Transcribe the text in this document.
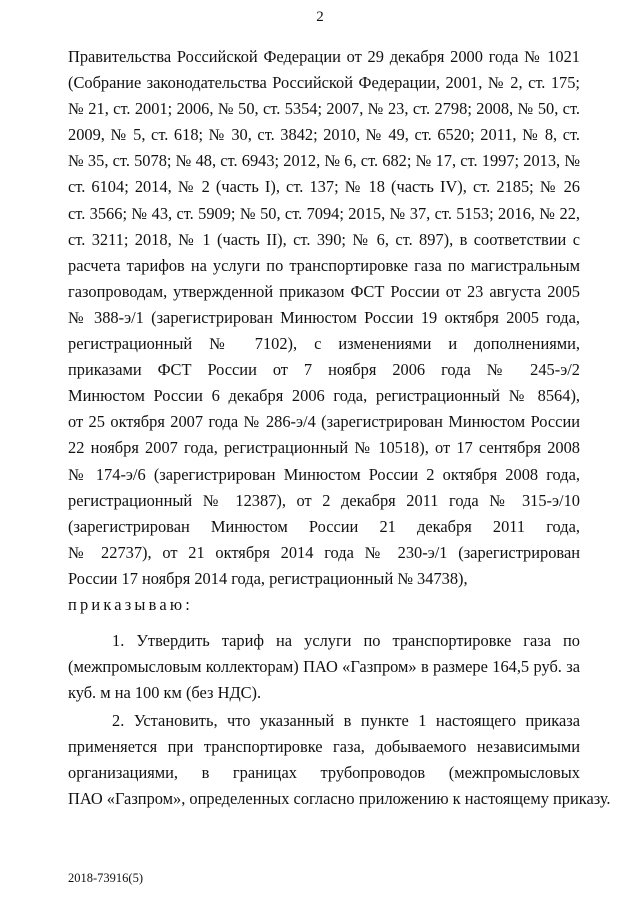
2
Правительства Российской Федерации от 29 декабря 2000 года № 1021
(Собрание законодательства Российской Федерации, 2001, № 2, ст. 175;
№ 21, ст. 2001; 2006, № 50, ст. 5354; 2007, № 23, ст. 2798; 2008, № 50, ст.
2009, № 5, ст. 618; № 30, ст. 3842; 2010, № 49, ст. 6520; 2011, № 8, ст.
№ 35, ст. 5078; № 48, ст. 6943; 2012, № 6, ст. 682; № 17, ст. 1997; 2013, №
ст. 6104; 2014, № 2 (часть I), ст. 137; № 18 (часть IV), ст. 2185; № 26
ст. 3566; № 43, ст. 5909; № 50, ст. 7094; 2015, № 37, ст. 5153; 2016, № 22,
ст. 3211; 2018, № 1 (часть II), ст. 390; № 6, ст. 897), в соответствии с
расчета тарифов на услуги по транспортировке газа по магистральным
газопроводам, утвержденной приказом ФСТ России от 23 августа 2005
№ 388-э/1 (зарегистрирован Минюстом России 19 октября 2005 года,
регистрационный № 7102), с изменениями и дополнениями,
приказами ФСТ России от 7 ноября 2006 года № 245-э/2
Минюстом России 6 декабря 2006 года, регистрационный № 8564),
от 25 октября 2007 года № 286-э/4 (зарегистрирован Минюстом России
22 ноября 2007 года, регистрационный № 10518), от 17 сентября 2008
№ 174-э/6 (зарегистрирован Минюстом России 2 октября 2008 года,
регистрационный № 12387), от 2 декабря 2011 года № 315-э/10
(зарегистрирован Минюстом России 21 декабря 2011 года,
№ 22737), от 21 октября 2014 года № 230-э/1 (зарегистрирован
России 17 ноября 2014 года, регистрационный № 34738),
приказываю:
1. Утвердить тариф на услуги по транспортировке газа по
(межпромысловым коллекторам) ПАО «Газпром» в размере 164,5 руб. за
куб. м на 100 км (без НДС).
2. Установить, что указанный в пункте 1 настоящего приказа
применяется при транспортировке газа, добываемого независимыми
организациями, в границах трубопроводов (межпромысловых
ПАО «Газпром», определенных согласно приложению к настоящему приказу.
2018-73916(5)
